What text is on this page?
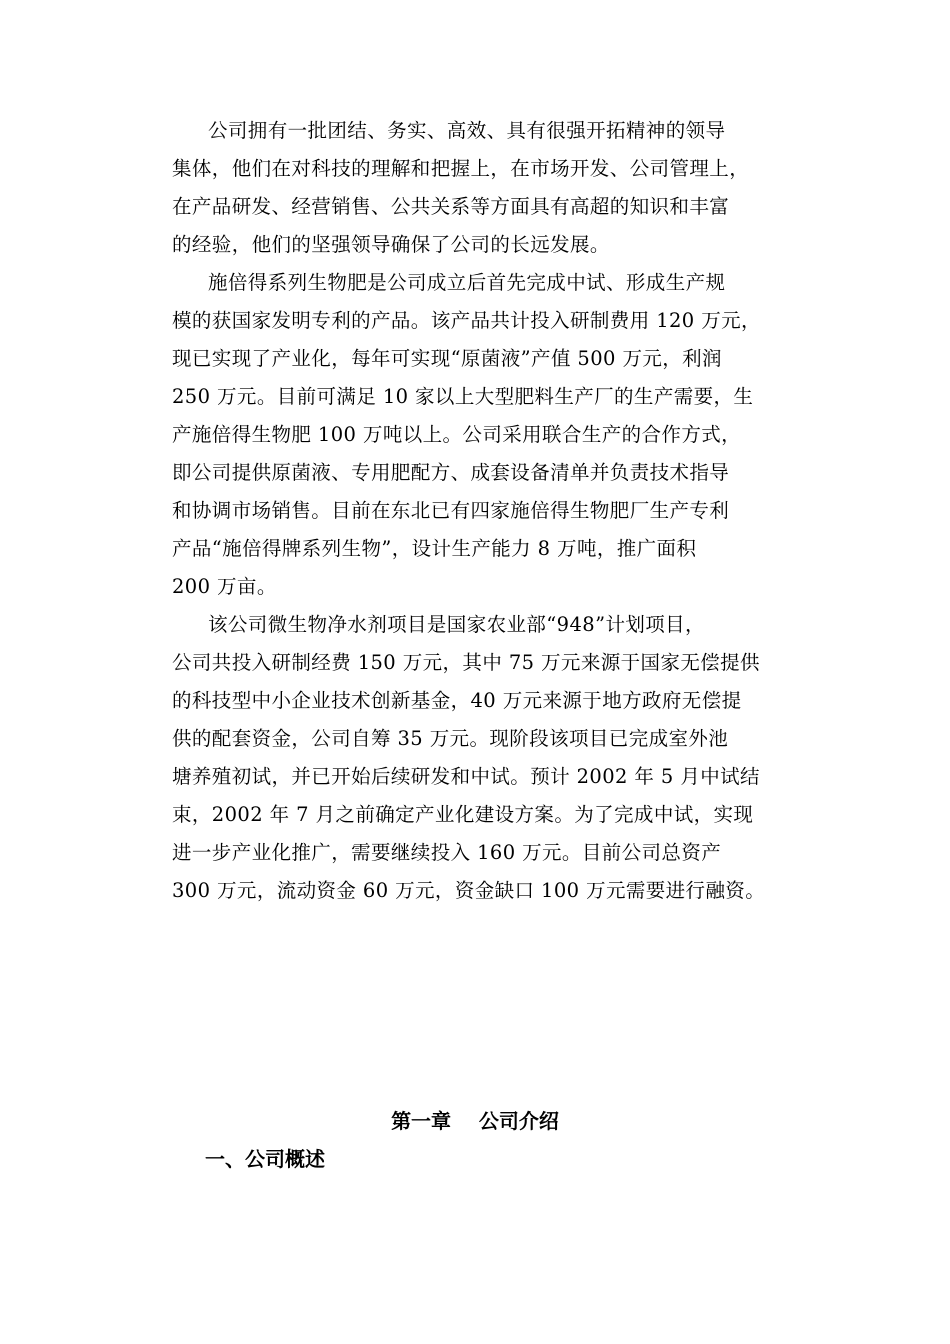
公司拥有一批团结、务实、高效、具有很强开拓精神的领导
集体，他们在对科技的理解和把握上，在市场开发、公司管理上，
在产品研发、经营销售、公共关系等方面具有高超的知识和丰富
的经验，他们的坚强领导确保了公司的长远发展。
施倍得系列生物肥是公司成立后首先完成中试、形成生产规
模的获国家发明专利的产品。该产品共计投入研制费用 120 万元，
现已实现了产业化，每年可实现“原菌液”产值 500 万元，利润
250 万元。目前可满足 10 家以上大型肥料生产厂的生产需要，生
产施倍得生物肥 100 万吨以上。公司采用联合生产的合作方式，
即公司提供原菌液、专用肥配方、成套设备清单并负责技术指导
和协调市场销售。目前在东北已有四家施倍得生物肥厂生产专利
产品“施倍得牌系列生物”，设计生产能力 8 万吨，推广面积
200 万亩。
该公司微生物净水剂项目是国家农业部“948”计划项目，
公司共投入研制经费 150 万元，其中 75 万元来源于国家无偿提供
的科技型中小企业技术创新基金，40 万元来源于地方政府无偿提
供的配套资金，公司自筹 35 万元。现阶段该项目已完成室外池
塘养殖初试，并已开始后续研发和中试。预计 2002 年 5 月中试结
束，2002 年 7 月之前确定产业化建设方案。为了完成中试，实现
进一步产业化推广，需要继续投入 160 万元。目前公司总资产
300 万元，流动资金 60 万元，资金缺口 100 万元需要进行融资。
第一章    公司介绍
一、公司概述
